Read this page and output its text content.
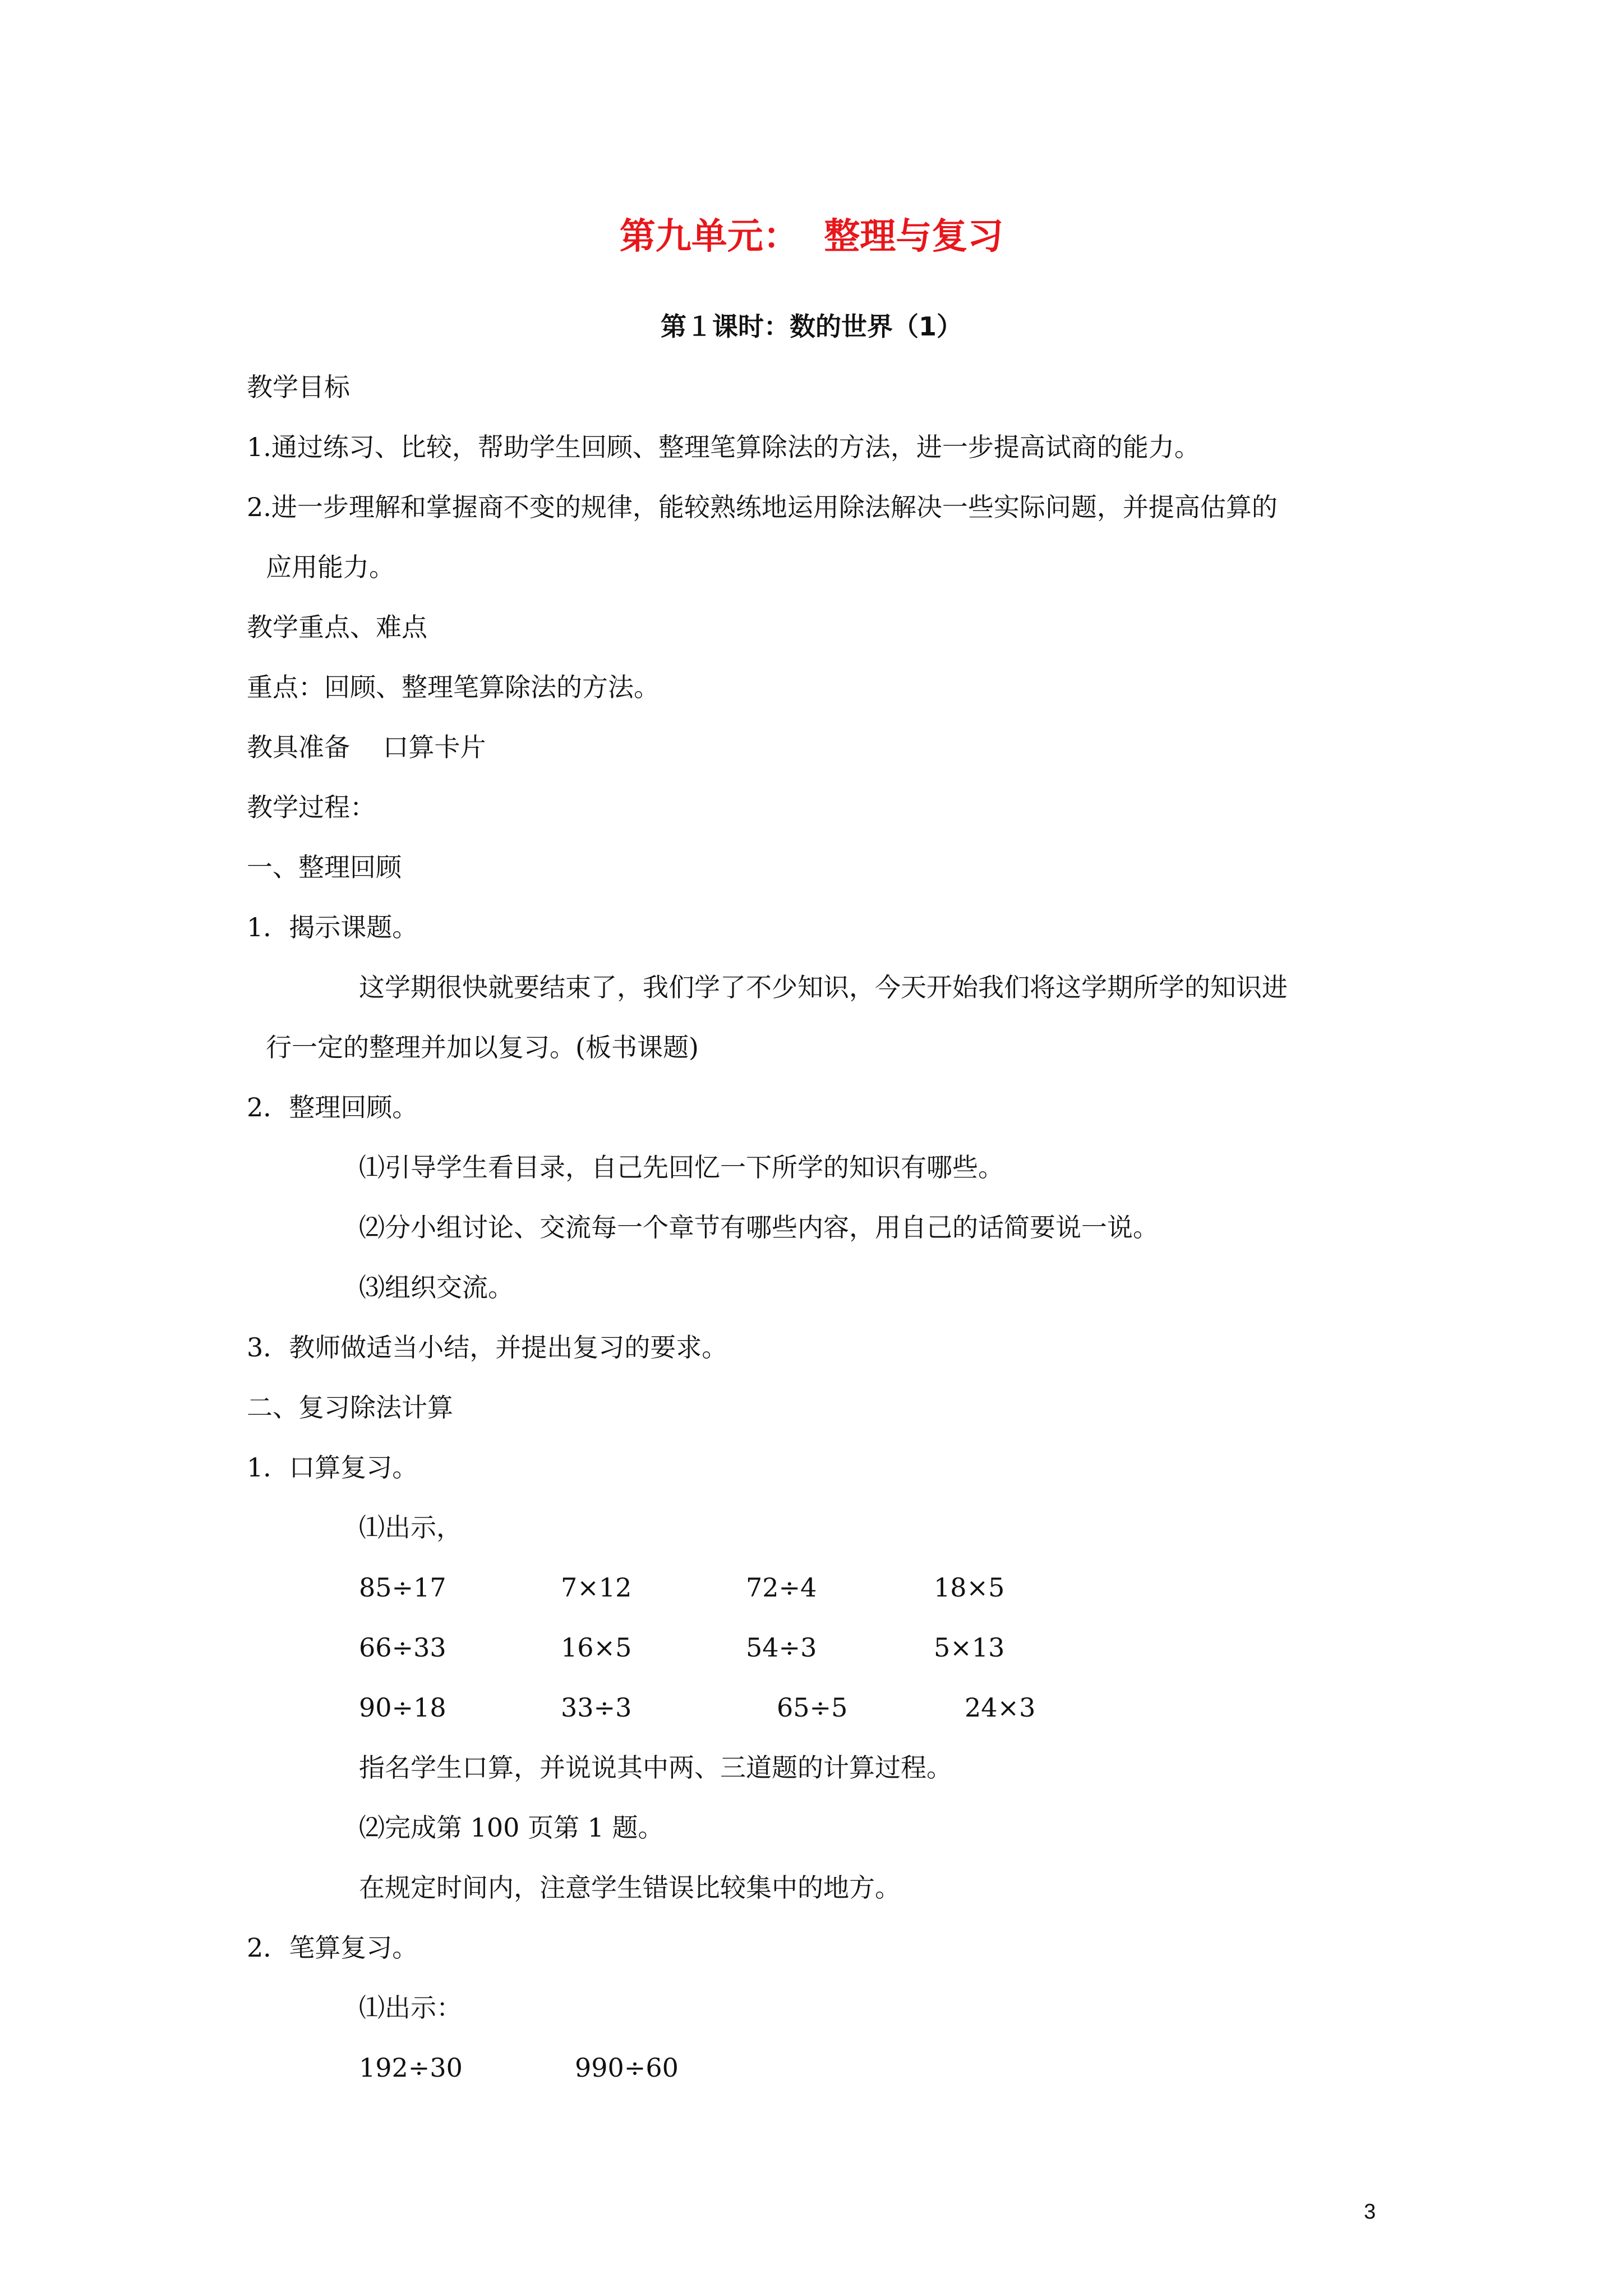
第九单元：  整理与复习
第１课时：数的世界（1）
教学目标
1.通过练习、比较，帮助学生回顾、整理笔算除法的方法，进一步提高试商的能力。
2.进一步理解和掌握商不变的规律，能较熟练地运用除法解决一些实际问题，并提高估算的
应用能力。
教学重点、难点
重点：回顾、整理笔算除法的方法。
教具准备    口算卡片
教学过程：
一、整理回顾
1．揭示课题。
这学期很快就要结束了，我们学了不少知识，今天开始我们将这学期所学的知识进
行一定的整理并加以复习。(板书课题)
2．整理回顾。
⑴引导学生看目录，自己先回忆一下所学的知识有哪些。
⑵分小组讨论、交流每一个章节有哪些内容，用自己的话简要说一说。
⑶组织交流。
3．教师做适当小结，并提出复习的要求。
二、复习除法计算
1．口算复习。
⑴出示，
85÷17	7×12	72÷4	18×5
66÷33	16×5	54÷3	5×13
90÷18	33÷3	65÷5	24×3
指名学生口算，并说说其中两、三道题的计算过程。
⑵完成第 100 页第 1 题。
在规定时间内，注意学生错误比较集中的地方。
2．笔算复习。
⑴出示：
192÷30	990÷60
3
